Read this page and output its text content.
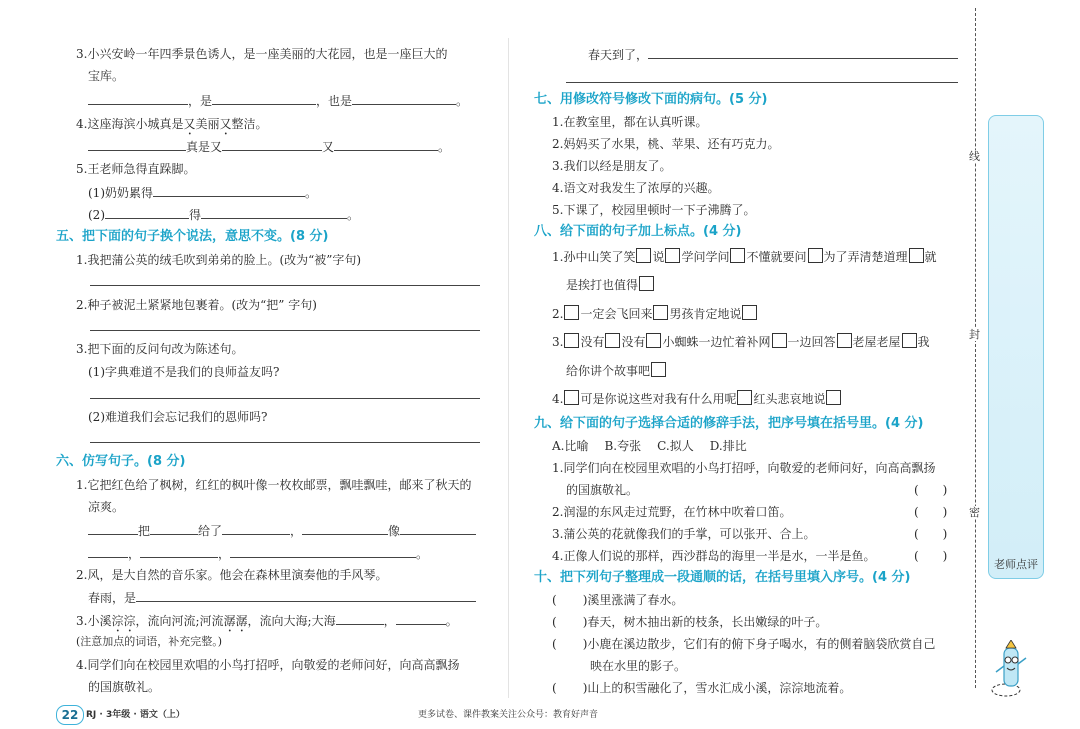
3.小兴安岭一年四季景色诱人，是一座美丽的大花园，也是一座巨大的
宝库。
，是	，也是	。
4.这座海滨小城真是又美丽又整洁。
真是又	又	。
5.王老师急得直跺脚。
(1)奶奶累得	。
(2)	得	。
五、把下面的句子换个说法，意思不变。(8 分)
1.我把蒲公英的绒毛吹到弟弟的脸上。(改为“被”字句)
2.种子被泥土紧紧地包裹着。(改为“把” 字句)
3.把下面的反问句改为陈述句。
(1)字典难道不是我们的良师益友吗?
(2)难道我们会忘记我们的恩师吗?
六、仿写句子。(8 分)
1.它把红色给了枫树，红红的枫叶像一枚枚邮票，飘哇飘哇，邮来了秋天的
凉爽。
把	给了	，	像
，	，	。
2.风，是大自然的音乐家。他会在森林里演奏他的手风琴。
春雨，是
3.小溪淙淙，流向河流;河流潺潺，流向大海;大海	，	。
(注意加点的词语，补充完整。)
4.同学们向在校园里欢唱的小鸟打招呼，向敬爱的老师问好，向高高飘扬
的国旗敬礼。
春天到了，
七、用修改符号修改下面的病句。(5 分)
1.在教室里，都在认真听课。
2.妈妈买了水果，桃、苹果、还有巧克力。
3.我们以经是朋友了。
4.语文对我发生了浓厚的兴趣。
5.下课了，校园里顿时一下子沸腾了。
八、给下面的句子加上标点。(4 分)
1.孙中山笑了笑 说 学问学问 不懂就要问 为了弄清楚道理 就
是挨打也值得
2. 一定会飞回来 男孩肯定地说
3. 没有 没有 小蜘蛛一边忙着补网 一边回答 老屋老屋 我
给你讲个故事吧
4. 可是你说这些对我有什么用呢 红头悲哀地说
九、给下面的句子选择合适的修辞手法，把序号填在括号里。(4 分)
A.比喻 B.夸张 C.拟人 D.排比
1.同学们向在校园里欢唱的小鸟打招呼，向敬爱的老师问好，向高高飘扬
的国旗敬礼。	(　　)
2.润湿的东风走过荒野，在竹林中吹着口笛。	(　　)
3.蒲公英的花就像我们的手掌，可以张开、合上。	(　　)
4.正像人们说的那样，西沙群岛的海里一半是水，一半是鱼。	(　　)
十、把下列句子整理成一段通顺的话，在括号里填入序号。(4 分)
(　)溪里涨满了春水。
(　)春天，树木抽出新的枝条，长出嫩绿的叶子。
(　)小鹿在溪边散步，它们有的俯下身子喝水，有的侧着脑袋欣赏自己
映在水里的影子。
(　)山上的积雪融化了，雪水汇成小溪，淙淙地流着。
线
封
密
老师点评
22 RJ · 3年级 · 语文（上）	更多试卷、课件教案关注公众号：教育好声音
